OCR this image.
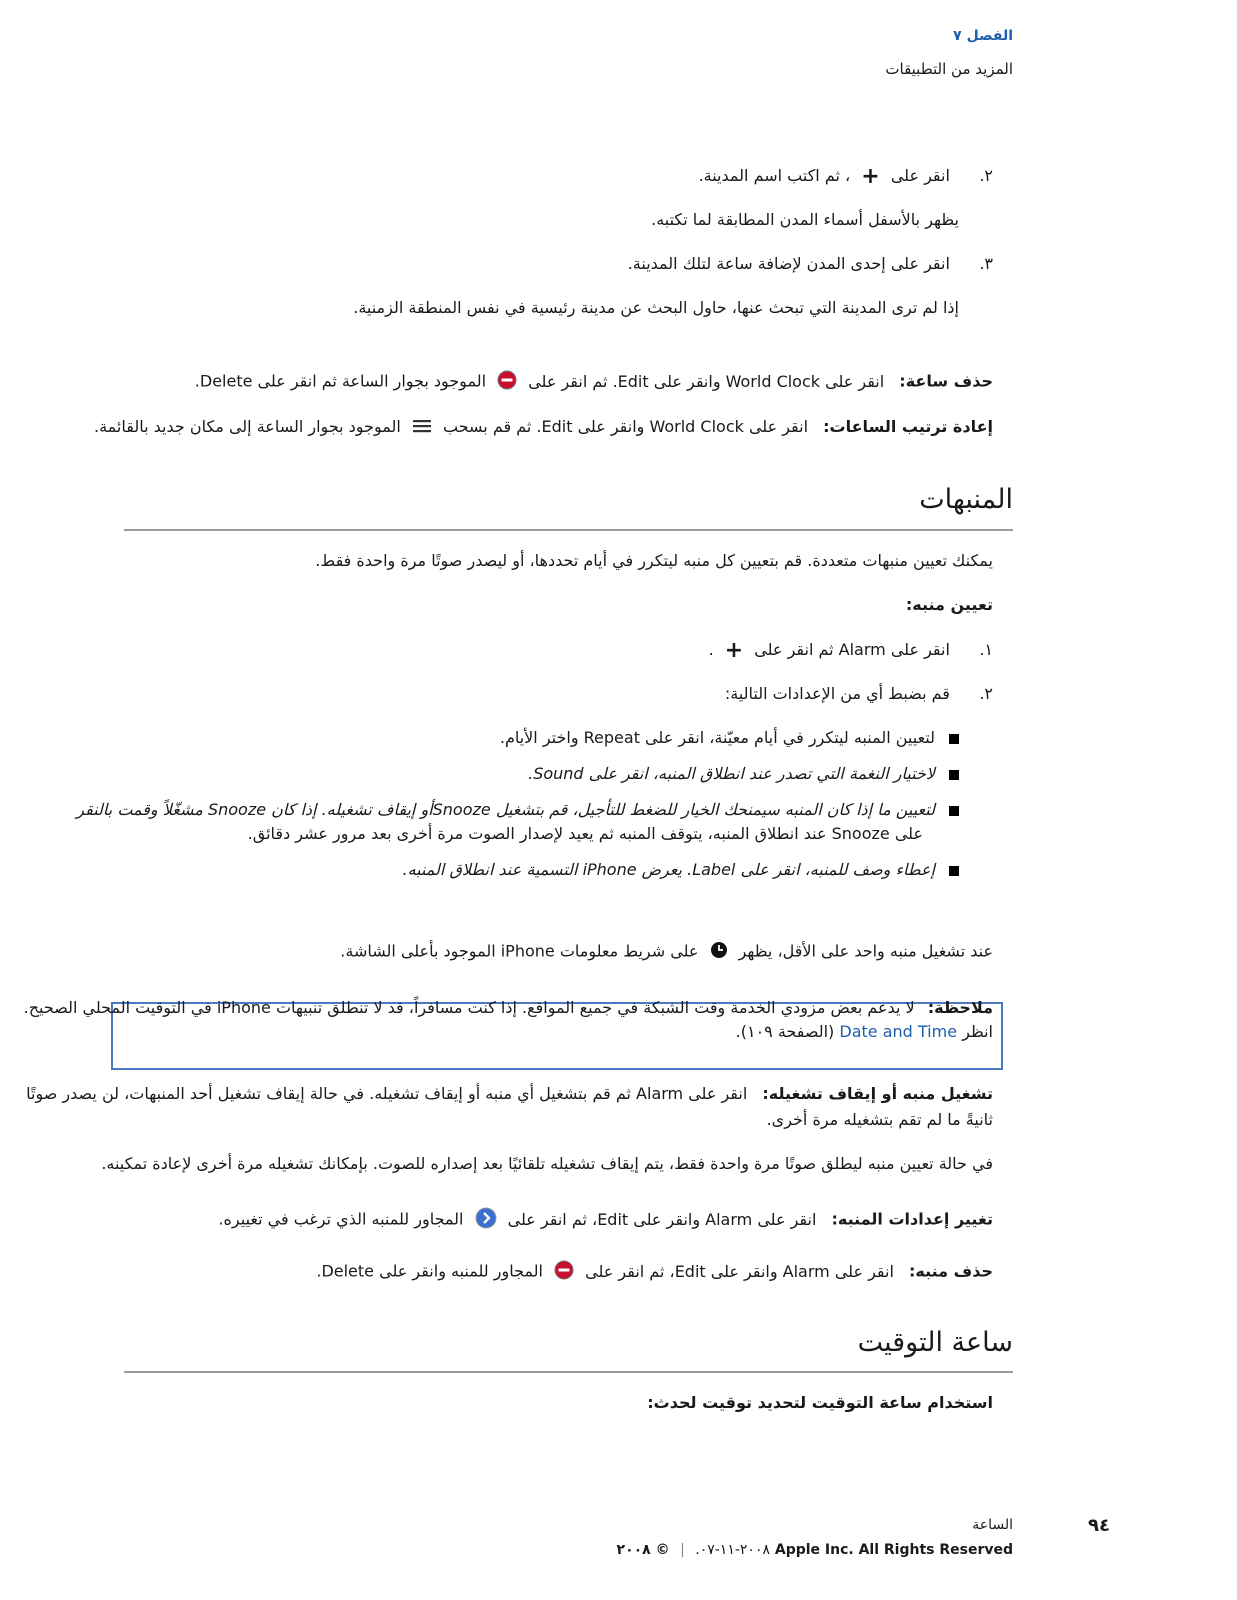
الفصل ٧
المزيد من التطبيقات
٢. انقر على + ، ثم اكتب اسم المدينة.
يظهر بالأسفل أسماء المدن المطابقة لما تكتبه.
٣. انقر على إحدى المدن لإضافة ساعة لتلك المدينة.
إذا لم ترى المدينة التي تبحث عنها، حاول البحث عن مدينة رئيسية في نفس المنطقة الزمنية.
حذف ساعة: انقر على World Clock وانقر على Edit. ثم انقر على  الموجود بجوار الساعة ثم انقر على Delete.
إعادة ترتيب الساعات: انقر على World Clock وانقر على Edit. ثم قم بسحب  الموجود بجوار الساعة إلى مكان جديد بالقائمة.
المنبهات
يمكنك تعيين منبهات متعددة. قم بتعيين كل منبه ليتكرر في أيام تحددها، أو ليصدر صوتًا مرة واحدة فقط.
تعيين منبه:
١. انقر على Alarm ثم انقر على + .
٢. قم بضبط أي من الإعدادات التالية:
لتعيين المنبه ليتكرر في أيام معيّنة، انقر على Repeat واختر الأيام.
لاختيار النغمة التي تصدر عند انطلاق المنبه، انقر على Sound.
لتعيين ما إذا كان المنبه سيمنحك الخيار للضغط للتأجيل، قم بتشغيل Snoozeأو إيقاف تشغيله. إذا كان Snooze مشغّلاً وقمت بالنقر
على Snooze عند انطلاق المنبه، يتوقف المنبه ثم يعيد لإصدار الصوت مرة أخرى بعد مرور عشر دقائق.
إعطاء وصف للمنبه، انقر على Label. يعرض iPhone التسمية عند انطلاق المنبه.
عند تشغيل منبه واحد على الأقل، يظهر  على شريط معلومات iPhone الموجود بأعلى الشاشة.
ملاحظة: لا يدعم بعض مزودي الخدمة وقت الشبكة في جميع المواقع. إذا كنت مسافراً، قد لا تنطلق تنبيهات iPhone في التوقيت المحلي الصحيح.
انظر Date and Time (الصفحة ١٠٩).
تشغيل منبه أو إيقاف تشغيله: انقر على Alarm ثم قم بتشغيل أي منبه أو إيقاف تشغيله. في حالة إيقاف تشغيل أحد المنبهات، لن يصدر صوتًا
ثانيةً ما لم تقم بتشغيله مرة أخرى.
في حالة تعيين منبه ليطلق صوتًا مرة واحدة فقط، يتم إيقاف تشغيله تلقائيًا بعد إصداره للصوت. بإمكانك تشغيله مرة أخرى لإعادة تمكينه.
تغيير إعدادات المنبه: انقر على Alarm وانقر على Edit، ثم انقر على  المجاور للمنبه الذي ترغب في تغييره.
حذف منبه: انقر على Alarm وانقر على Edit، ثم انقر على  المجاور للمنبه وانقر على Delete.
ساعة التوقيت
استخدام ساعة التوقيت لتحديد توقيت لحدث:
الساعة	٩٤
٢٠٠٨-١١-٠٧. | © ٢٠٠٨ Apple Inc. All Rights Reserved
